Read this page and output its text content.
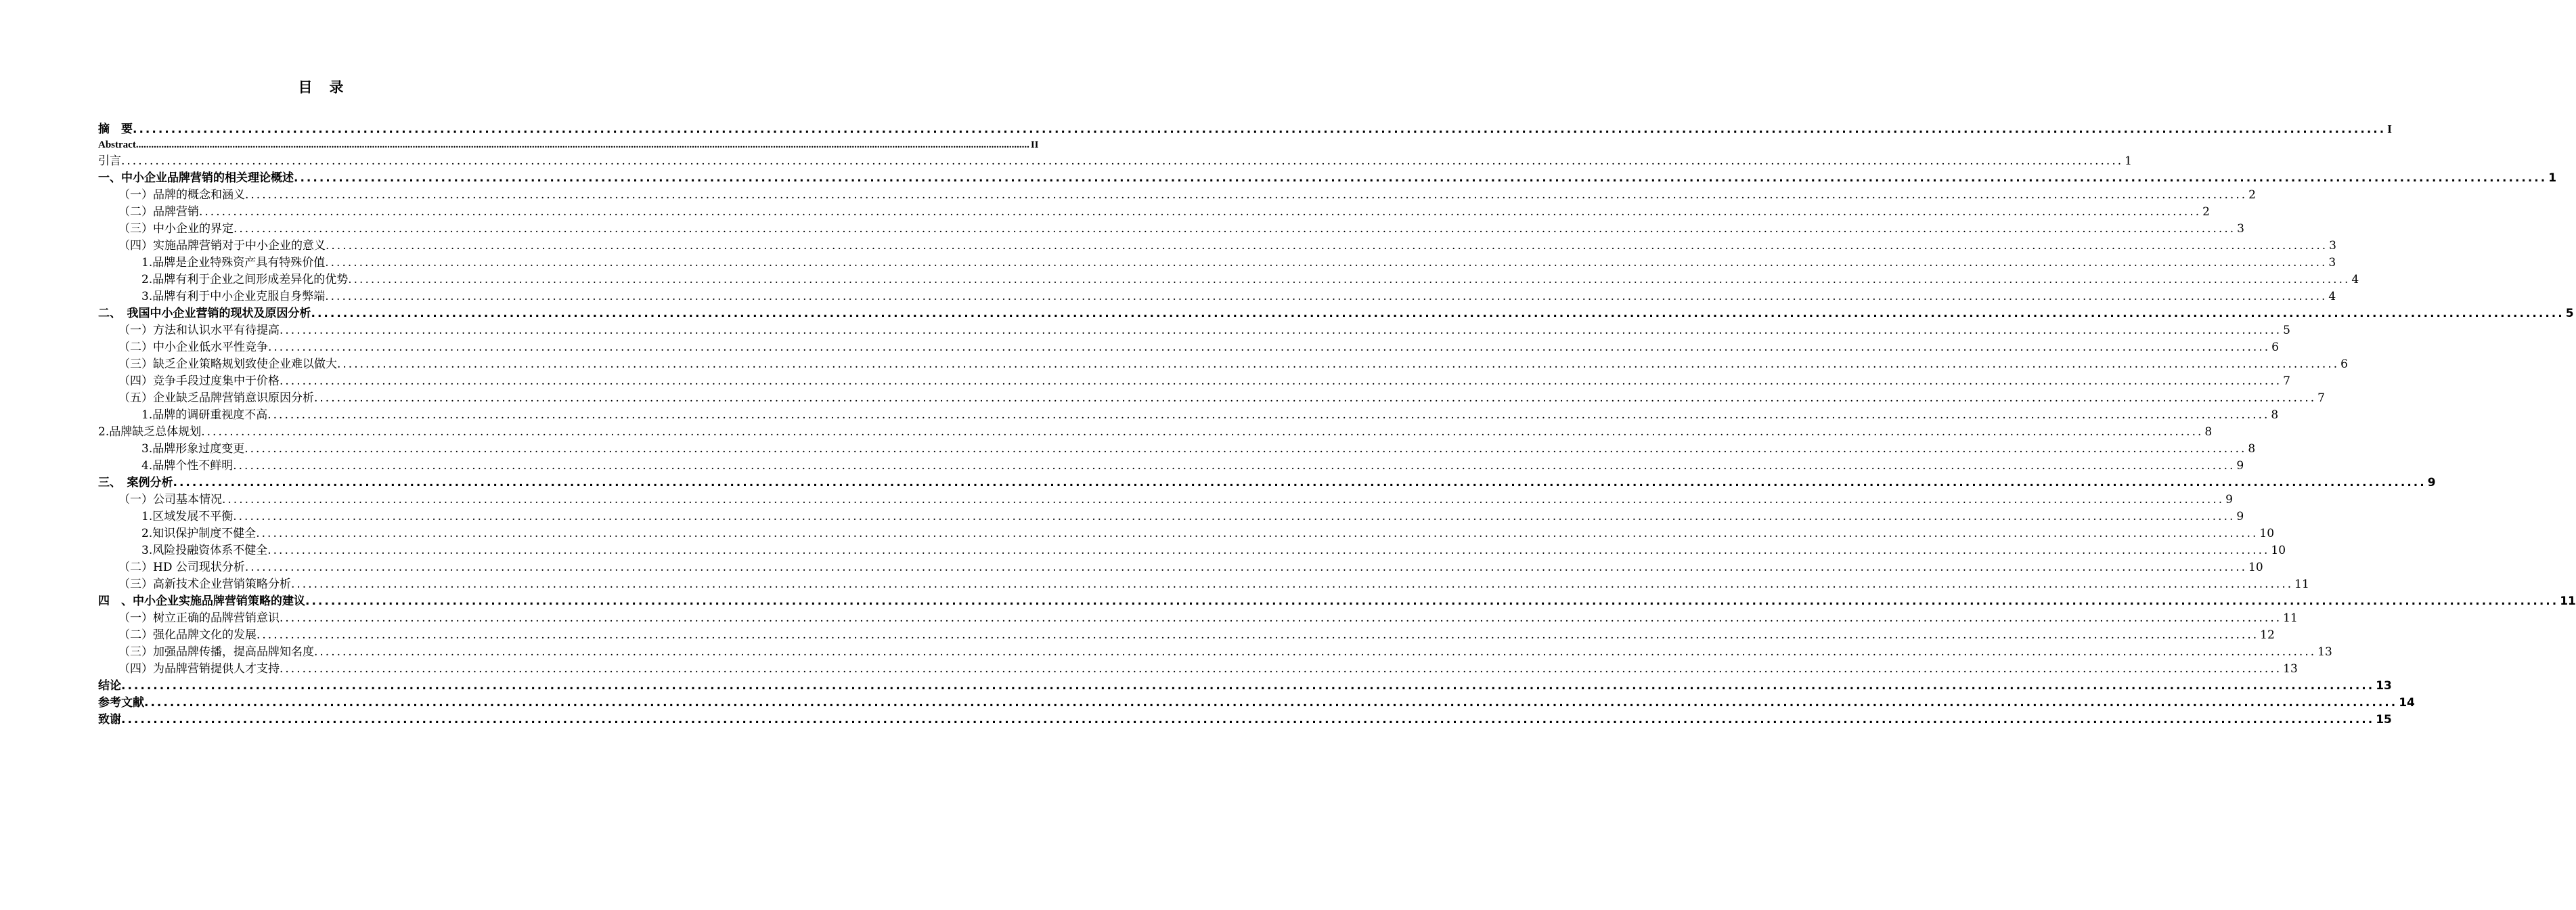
目　录
摘　要 ................................................................................................................................................................................................................................................................................................................................................................ I
Abstract ................................................................................................................................................................................................................................................................................................................................................................ II
引言 ................................................................................................................................................................................................................................................................................................................................................................ 1
一、中小企业品牌营销的相关理论概述 ................................................................................................................................................................................................................................................................................................................................................................ 1
（一）品牌的概念和涵义 ................................................................................................................................................................................................................................................................................................................................................................ 2
（二）品牌营销 ................................................................................................................................................................................................................................................................................................................................................................ 2
（三）中小企业的界定 ................................................................................................................................................................................................................................................................................................................................................................ 3
（四）实施品牌营销对于中小企业的意义 ................................................................................................................................................................................................................................................................................................................................................................ 3
1.品牌是企业特殊资产具有特殊价值 ................................................................................................................................................................................................................................................................................................................................................................ 3
2.品牌有利于企业之间形成差异化的优势 ................................................................................................................................................................................................................................................................................................................................................................ 4
3.品牌有利于中小企业克服自身弊端 ................................................................................................................................................................................................................................................................................................................................................................ 4
二、　我国中小企业营销的现状及原因分析 ................................................................................................................................................................................................................................................................................................................................................................ 5
（一）方法和认识水平有待提高 ................................................................................................................................................................................................................................................................................................................................................................ 5
（二）中小企业低水平性竞争 ................................................................................................................................................................................................................................................................................................................................................................ 6
（三）缺乏企业策略规划致使企业难以做大 ................................................................................................................................................................................................................................................................................................................................................................ 6
（四）竞争手段过度集中于价格 ................................................................................................................................................................................................................................................................................................................................................................ 7
（五）企业缺乏品牌营销意识原因分析 ................................................................................................................................................................................................................................................................................................................................................................ 7
1.品牌的调研重视度不高 ................................................................................................................................................................................................................................................................................................................................................................ 8
2.品牌缺乏总体规划 ................................................................................................................................................................................................................................................................................................................................................................ 8
3.品牌形象过度变更 ................................................................................................................................................................................................................................................................................................................................................................ 8
4.品牌个性不鲜明 ................................................................................................................................................................................................................................................................................................................................................................ 9
三、　案例分析 ................................................................................................................................................................................................................................................................................................................................................................ 9
（一）公司基本情况 ................................................................................................................................................................................................................................................................................................................................................................ 9
1.区域发展不平衡 ................................................................................................................................................................................................................................................................................................................................................................ 9
2.知识保护制度不健全 ................................................................................................................................................................................................................................................................................................................................................................ 10
3.风险投融资体系不健全 ................................................................................................................................................................................................................................................................................................................................................................ 10
（二）HD 公司现状分析 ................................................................................................................................................................................................................................................................................................................................................................ 10
（三）高新技术企业营销策略分析 ................................................................................................................................................................................................................................................................................................................................................................ 11
四　、中小企业实施品牌营销策略的建议 ................................................................................................................................................................................................................................................................................................................................................................ 11
（一）树立正确的品牌营销意识 ................................................................................................................................................................................................................................................................................................................................................................ 11
（二）强化品牌文化的发展 ................................................................................................................................................................................................................................................................................................................................................................ 12
（三）加强品牌传播，提高品牌知名度 ................................................................................................................................................................................................................................................................................................................................................................ 13
（四）为品牌营销提供人才支持 ................................................................................................................................................................................................................................................................................................................................................................ 13
结论 ................................................................................................................................................................................................................................................................................................................................................................ 13
参考文献 ................................................................................................................................................................................................................................................................................................................................................................ 14
致谢 ................................................................................................................................................................................................................................................................................................................................................................ 15
